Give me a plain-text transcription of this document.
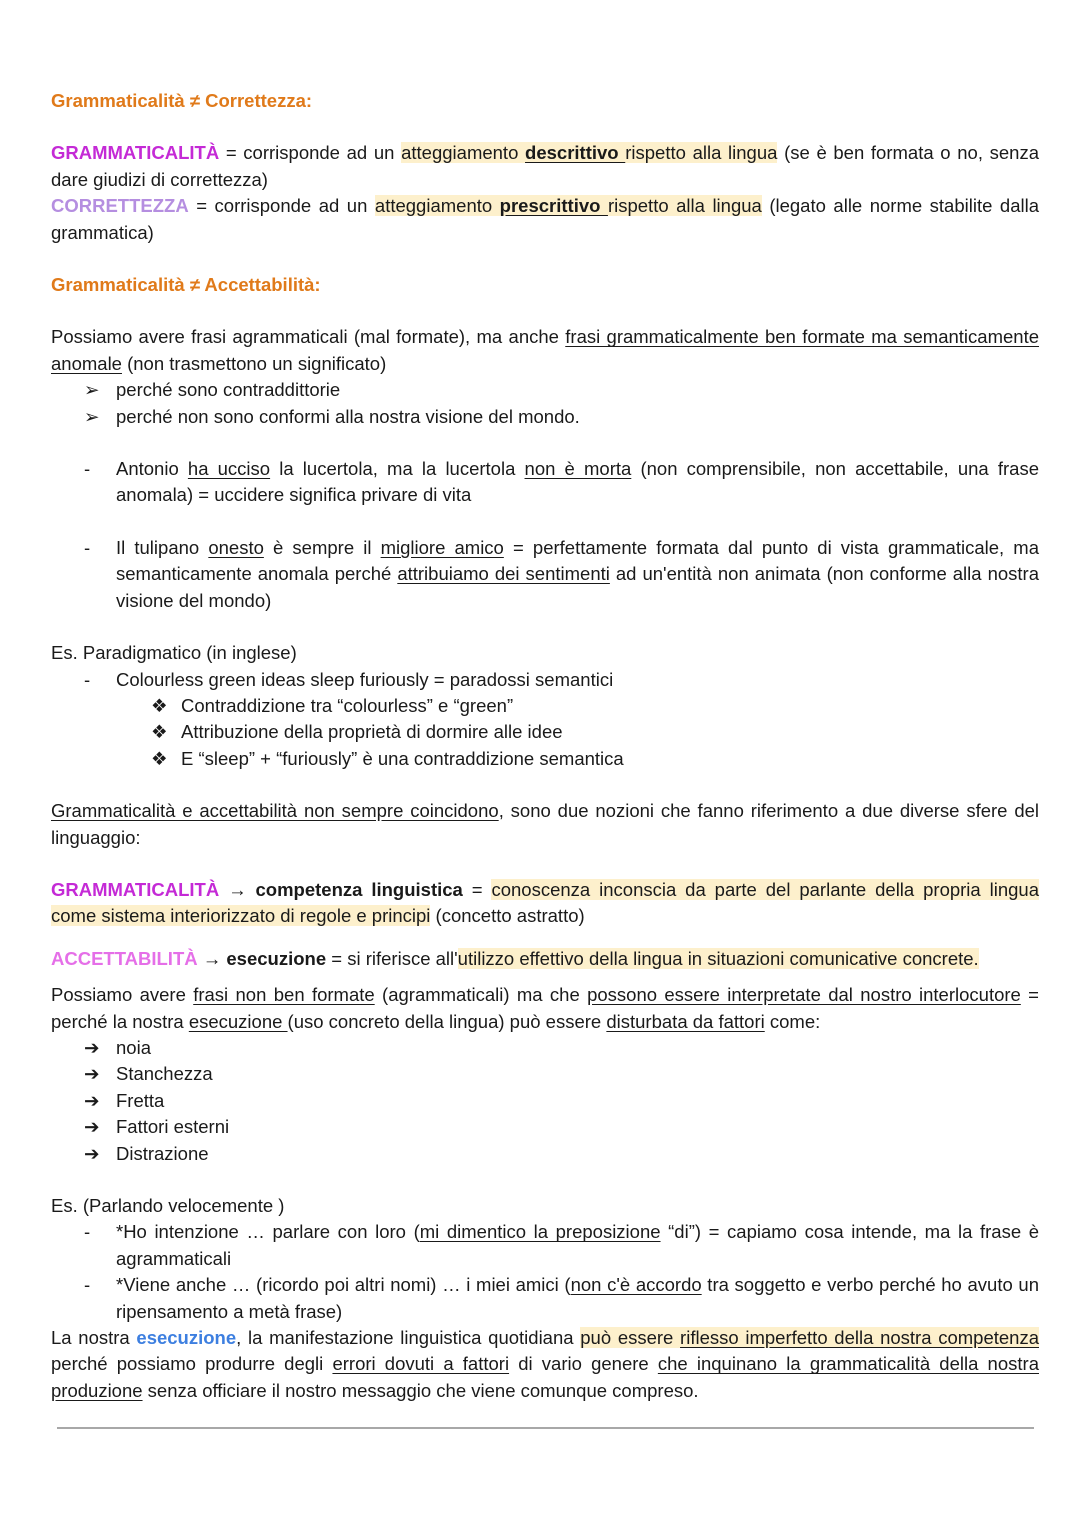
Grammaticalità ≠ Correttezza:

GRAMMATICALITÀ = corrisponde ad un atteggiamento descrittivo rispetto alla lingua (se è ben formata o no, senza dare giudizi di correttezza)

CORRETTEZZA = corrisponde ad un atteggiamento prescrittivo rispetto alla lingua (legato alle norme stabilite dalla grammatica)

Grammaticalità ≠ Accettabilità:

Possiamo avere frasi agrammaticali (mal formate), ma anche frasi grammaticalmente ben formate ma semanticamente anomale (non trasmettono un significato)

➢ perché sono contraddittorie
➢ perché non sono conformi alla nostra visione del mondo.
- Antonio ha ucciso la lucertola, ma la lucertola non è morta (non comprensibile, non accettabile, una frase anomala) = uccidere significa privare di vita
- Il tulipano onesto è sempre il migliore amico = perfettamente formata dal punto di vista grammaticale, ma semanticamente anomala perché attribuiamo dei sentimenti ad un'entità non animata (non conforme alla nostra visione del mondo)

Es. Paradigmatico (in inglese)

- Colourless green ideas sleep furiously = paradossi semantici
❖ Contraddizione tra “colourless” e “green”
❖ Attribuzione della proprietà di dormire alle idee
❖ E “sleep” + “furiously” è una contraddizione semantica

Grammaticalità e accettabilità non sempre coincidono, sono due nozioni che fanno riferimento a due diverse sfere del linguaggio:

GRAMMATICALITÀ → competenza linguistica = conoscenza inconscia da parte del parlante della propria lingua come sistema interiorizzato di regole e principi (concetto astratto)

ACCETTABILITÀ → esecuzione = si riferisce all'utilizzo effettivo della lingua in situazioni comunicative concrete.

Possiamo avere frasi non ben formate (agrammaticali) ma che possono essere interpretate dal nostro interlocutore = perché la nostra esecuzione (uso concreto della lingua) può essere disturbata da fattori come:

➔ noia
➔ Stanchezza
➔ Fretta
➔ Fattori esterni
➔ Distrazione

Es. (Parlando velocemente )

- *Ho intenzione … parlare con loro (mi dimentico la preposizione “di”) = capiamo cosa intende, ma la frase è agrammaticali
- *Viene anche … (ricordo poi altri nomi) … i miei amici (non c'è accordo tra soggetto e verbo perché ho avuto un ripensamento a metà frase)

La nostra esecuzione, la manifestazione linguistica quotidiana può essere riflesso imperfetto della nostra competenza perché possiamo produrre degli errori dovuti a fattori di vario genere che inquinano la grammaticalità della nostra produzione senza officiare il nostro messaggio che viene comunque compreso.
